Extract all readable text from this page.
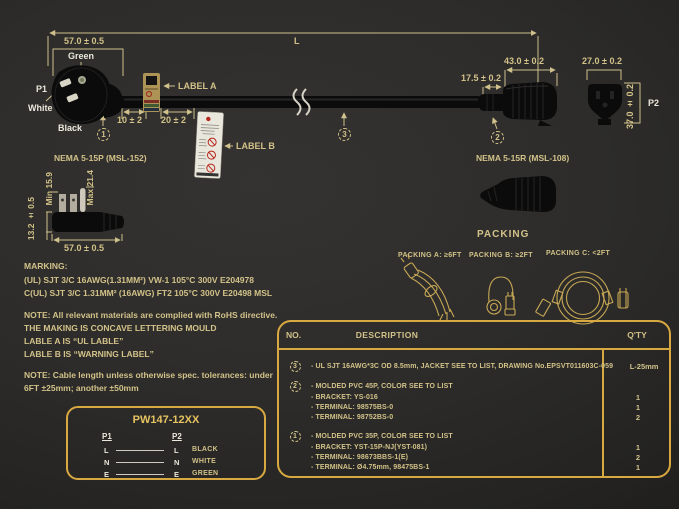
L
57.0 ± 0.5
Green
P1
White
Black
1
10 ± 2 20 ± 2
LABEL A
LABEL B
3
43.0 ± 0.2
17.5 ± 0.2
2
NEMA 5-15P (MSL-152)	NEMA 5-15R (MSL-108)
27.0 ± 0.2
37.0 ± 0.2 P2
Min 15.9	Max 21.4
13.2 ± 0.5
57.0 ± 0.5
PACKING
PACKING A: ≥6FT PACKING B: ≥2FT PACKING C: <2FT
MARKING:
(UL) SJT 3/C 16AWG(1.31MM²) VW-1 105°C 300V E204978
C(UL) SJT 3/C 1.31MM² (16AWG) FT2 105°C 300V E20498 MSL
NOTE: All relevant materials are complied with RoHS directive.
THE MAKING IS CONCAVE LETTERING MOULD
LABLE A IS “UL LABLE”
LABLE B IS “WARNING LABEL”
NOTE: Cable length unless otherwise spec. tolerances: under
6FT ±25mm; another ±50mm
PW147-12XX
P1	P2
L	L BLACK
N	N WHITE
E	E GREEN
NO.	DESCRIPTION	Q'TY
3	- UL SJT 16AWG*3C OD 8.5mm, JACKET SEE TO LIST, DRAWING No.EPSVT011603C-059	L-25mm
2	- MOLDED PVC 45P, COLOR SEE TO LIST
- BRACKET: YS-016	1
- TERMINAL: 98575BS-0	1
- TERMINAL: 98752BS-0	2
1	- MOLDED PVC 35P, COLOR SEE TO LIST
- BRACKET: YST-15P-NJ(YST-081)	1
- TERMINAL: 98673BBS-1(E)	2
- TERMINAL: Ø4.75mm, 98475BS-1	1
